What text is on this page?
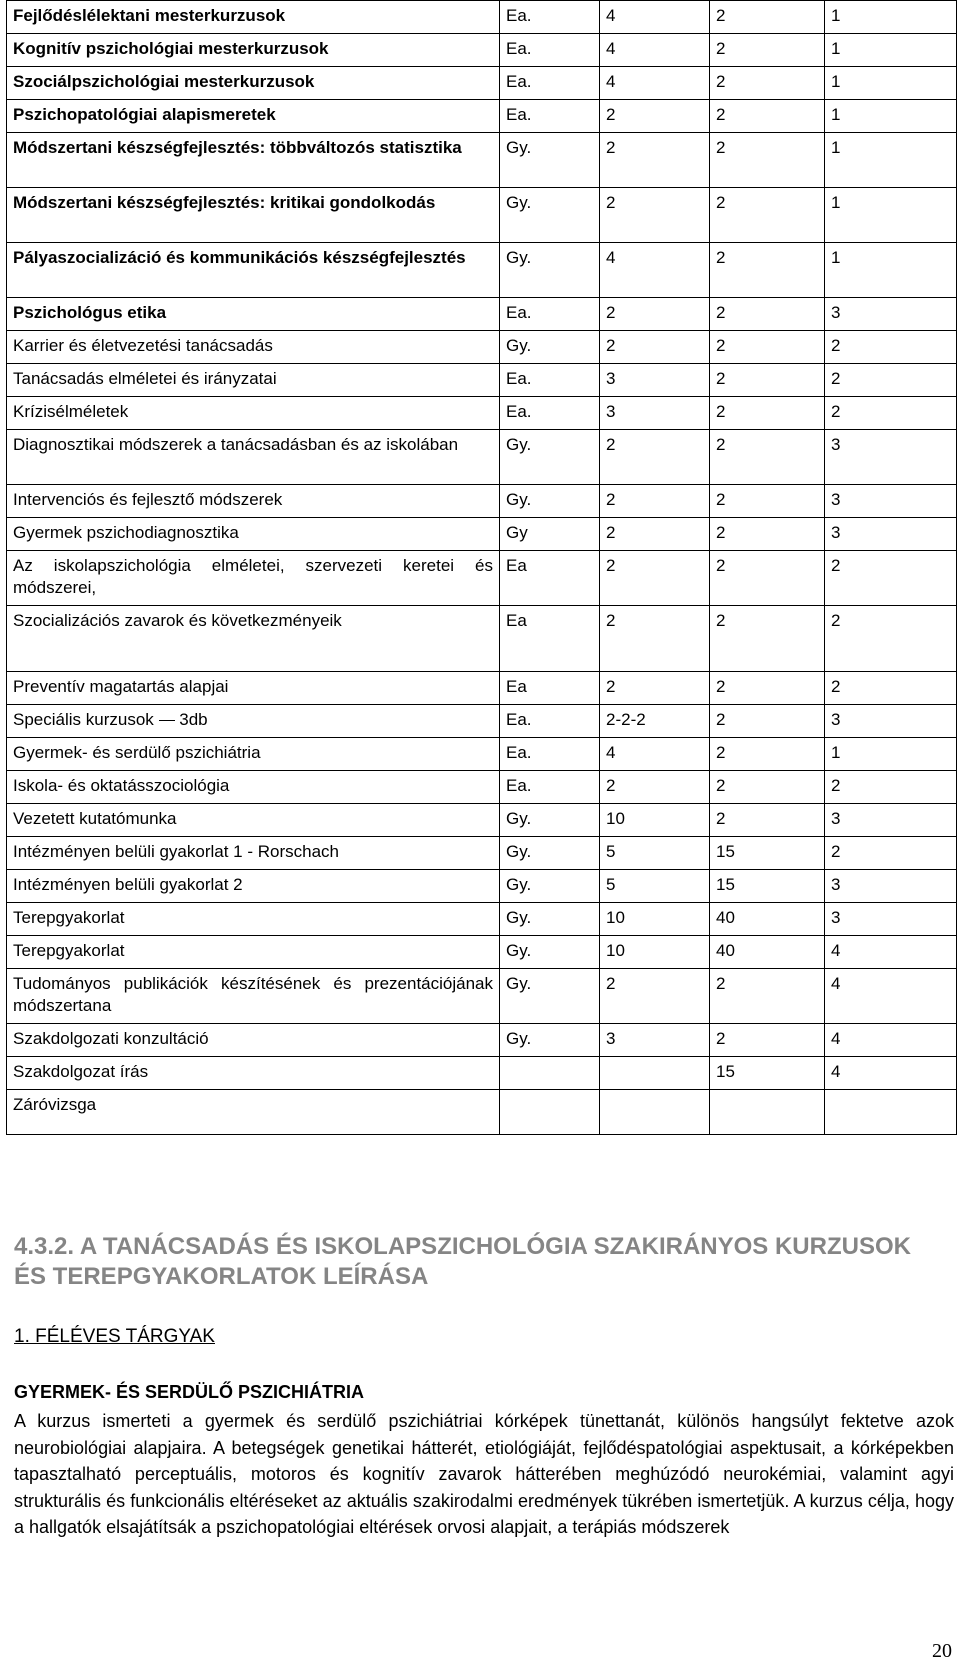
Fejlődéslélektani mesterkurzusok	Ea.	4	2	1
Kognitív pszichológiai mesterkurzusok	Ea.	4	2	1
Szociálpszichológiai mesterkurzusok	Ea.	4	2	1
Pszichopatológiai alapismeretek	Ea.	2	2	1
Módszertani készségfejlesztés: többváltozós statisztika	Gy.	2	2	1
Módszertani készségfejlesztés: kritikai gondolkodás	Gy.	2	2	1
Pályaszocializáció és kommunikációs készségfejlesztés	Gy.	4	2	1
Pszichológus etika	Ea.	2	2	3
Karrier és életvezetési tanácsadás	Gy.	2	2	2
Tanácsadás elméletei és irányzatai	Ea.	3	2	2
Krízisélméletek	Ea.	3	2	2
Diagnosztikai módszerek a tanácsadásban és az iskolában	Gy.	2	2	3
Intervenciós és fejlesztő módszerek	Gy.	2	2	3
Gyermek pszichodiagnosztika	Gy	2	2	3
Az iskolapszichológia elméletei, szervezeti keretei és módszerei,	Ea	2	2	2
Szocializációs zavarok és következményeik	Ea	2	2	2
Preventív magatartás alapjai	Ea	2	2	2
Speciális kurzusok 3db	Ea.	2-2-2	2	3
Gyermek- és serdülő pszichiátria	Ea.	4	2	1
Iskola- és oktatásszociológia	Ea.	2	2	2
Vezetett kutatómunka	Gy.	10	2	3
Intézményen belüli gyakorlat 1 - Rorschach	Gy.	5	15	2
Intézményen belüli gyakorlat 2	Gy.	5	15	3
Terepgyakorlat	Gy.	10	40	3
Terepgyakorlat	Gy.	10	40	4
Tudományos publikációk készítésének és prezentációjának módszertana	Gy.	2	2	4
Szakdolgozati konzultáció	Gy.	3	2	4
Szakdolgozat írás			15	4
Záróvizsga				
4.3.2. A TANÁCSADÁS ÉS ISKOLAPSZICHOLÓGIA SZAKIRÁNYOS KURZUSOK ÉS TEREPGYAKORLATOK LEÍRÁSA
1. FÉLÉVES TÁRGYAK
GYERMEK- ÉS SERDÜLŐ PSZICHIÁTRIA

A kurzus ismerteti a gyermek és serdülő pszichiátriai kórképek tünettanát, különös hangsúlyt fektetve azok neurobiológiai alapjaira. A betegségek genetikai hátterét, etiológiáját, fejlődéspatológiai aspektusait, a kórképekben tapasztalható perceptuális, motoros és kognitív zavarok hátterében meghúzódó neurokémiai, valamint agyi strukturális és funkcionális eltéréseket az aktuális szakirodalmi eredmények tükrében ismertetjük. A kurzus célja, hogy a hallgatók elsajátítsák a pszichopatológiai eltérések orvosi alapjait, a terápiás módszerek

20
